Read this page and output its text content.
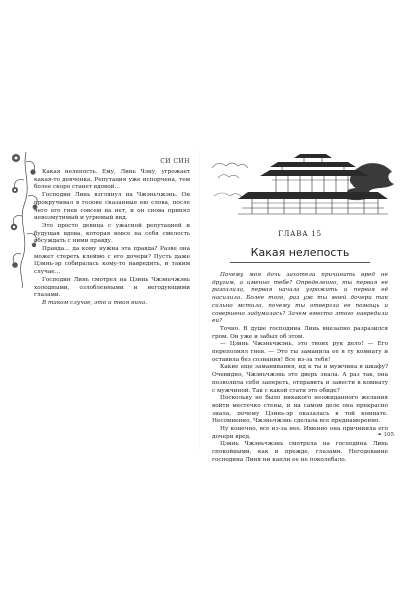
СИ СИН

Какая нелепость. Ему, Линь Чэну, угрожает какая-то девчонка. Репутация уже испорчена, тем более скоро станет вдовой…

Господин Линь взглянул на Чжэньчжэнь. Он прокручивал в голове сказанные ею слова, после чего его гнев совсем на нет, и он снова принял невозмутимый и угрюмый вид.

Это просто девица с ужасной репутацией и будущая вдова, которая вовсе на себя смелость обсуждать с ними правду.

Правда… да кому нужна эта правда? Разве она может стереть клеймо с его дочери? Пусть даже Цзинь-эр собиралась кому-то навредить, и таким случае…

Господин Линь смотрел на Цзинь Чжэньчжэнь холодными, озлобленными и негодующими глазами.

В таком случае, это и твоя вина.

ГЛАВА 15
Какая нелепость

Почему моя дочь захотела причинить вред не другим, а именно тебе? Определенно, ты первая ее разозлила, первая начала угрожать и первая её насилила. Более того, раз уж ты моей дочери так сильно мстила, почему ты отвергла ее помощь и совершено задумалась? Зачем вместо этого навредила ей?

Точно. В душе господина Линь внезапно разразился гром. Он уже и забыл об этом.

— Цзинь Чжэньчжэнь, это твоих рук дело! — Его переполнял гнев. — Это ты заманила ее в ту комнату и оставила без сознания! Все из-за тебя!

Какие еще заманивания, ид к ты и мужчина в шкафу? Очевидно, Чжэньчжэнь это дверь знала. А раз так, она позволила себя запереть, отправить и завести в комнату с мужчиной. Так с какой стати это обиде?

Поскольку не было никакого неожиданного желания войти местечко стены, и на самом деле она прекрасно знала, почему Цзинь-эр оказалась в той комнате. Несомненно, Чжэньчжэнь сделала все преднамеренно.

Ну конечно, все из-за нее. Именно она причинила его дочери вред.

Цзинь Чжэньчжэнь смотрела на господина Линь спокойными, как и прежде, глазами. Негодование господина Линя ни капли ее не поколебало.

❧ 105
